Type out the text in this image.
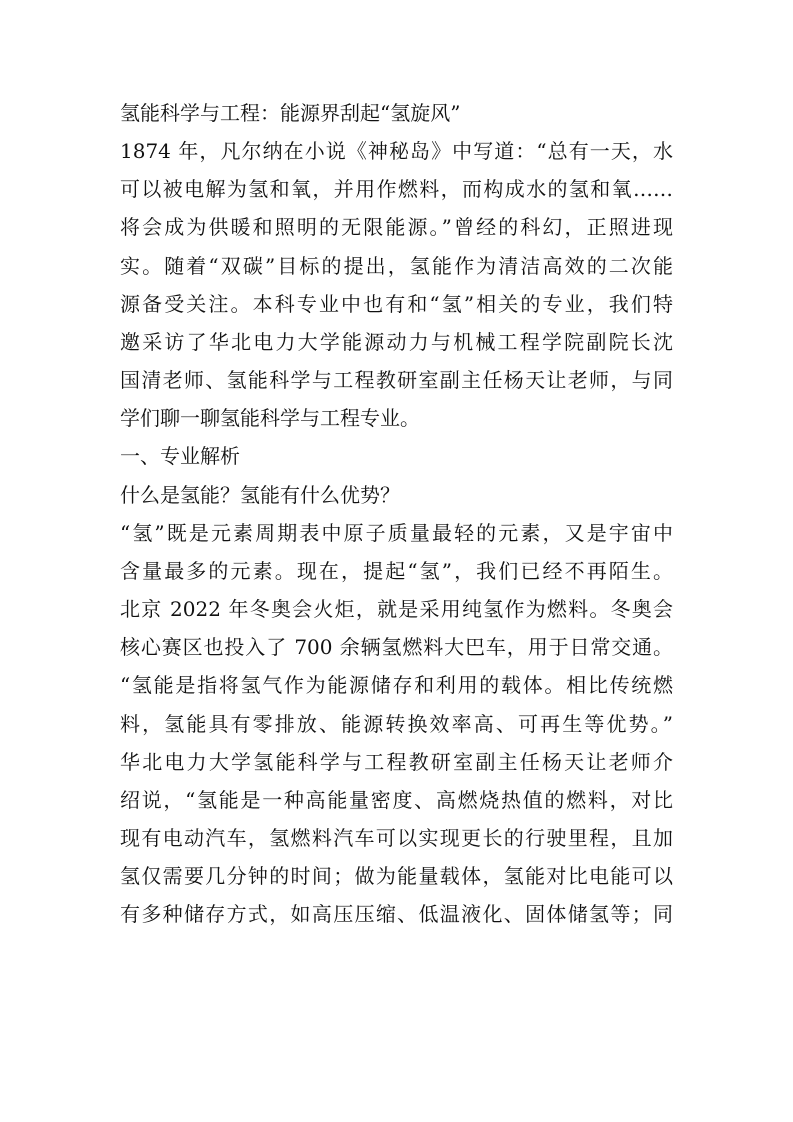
氢能科学与工程：能源界刮起“氢旋风”
1874 年，凡尔纳在小说《神秘岛》中写道：“总有一天，水
可以被电解为氢和氧，并用作燃料，而构成水的氢和氧……
将会成为供暖和照明的无限能源。”曾经的科幻，正照进现
实。随着“双碳”目标的提出，氢能作为清洁高效的二次能
源备受关注。本科专业中也有和“氢”相关的专业，我们特
邀采访了华北电力大学能源动力与机械工程学院副院长沈
国清老师、氢能科学与工程教研室副主任杨天让老师，与同
学们聊一聊氢能科学与工程专业。
一、专业解析
什么是氢能？氢能有什么优势？
“氢”既是元素周期表中原子质量最轻的元素，又是宇宙中
含量最多的元素。现在，提起“氢”，我们已经不再陌生。
北京 2022 年冬奥会火炬，就是采用纯氢作为燃料。冬奥会
核心赛区也投入了 700 余辆氢燃料大巴车，用于日常交通。
“氢能是指将氢气作为能源储存和利用的载体。相比传统燃
料，氢能具有零排放、能源转换效率高、可再生等优势。”
华北电力大学氢能科学与工程教研室副主任杨天让老师介
绍说，“氢能是一种高能量密度、高燃烧热值的燃料，对比
现有电动汽车，氢燃料汽车可以实现更长的行驶里程，且加
氢仅需要几分钟的时间；做为能量载体，氢能对比电能可以
有多种储存方式，如高压压缩、低温液化、固体储氢等；同
